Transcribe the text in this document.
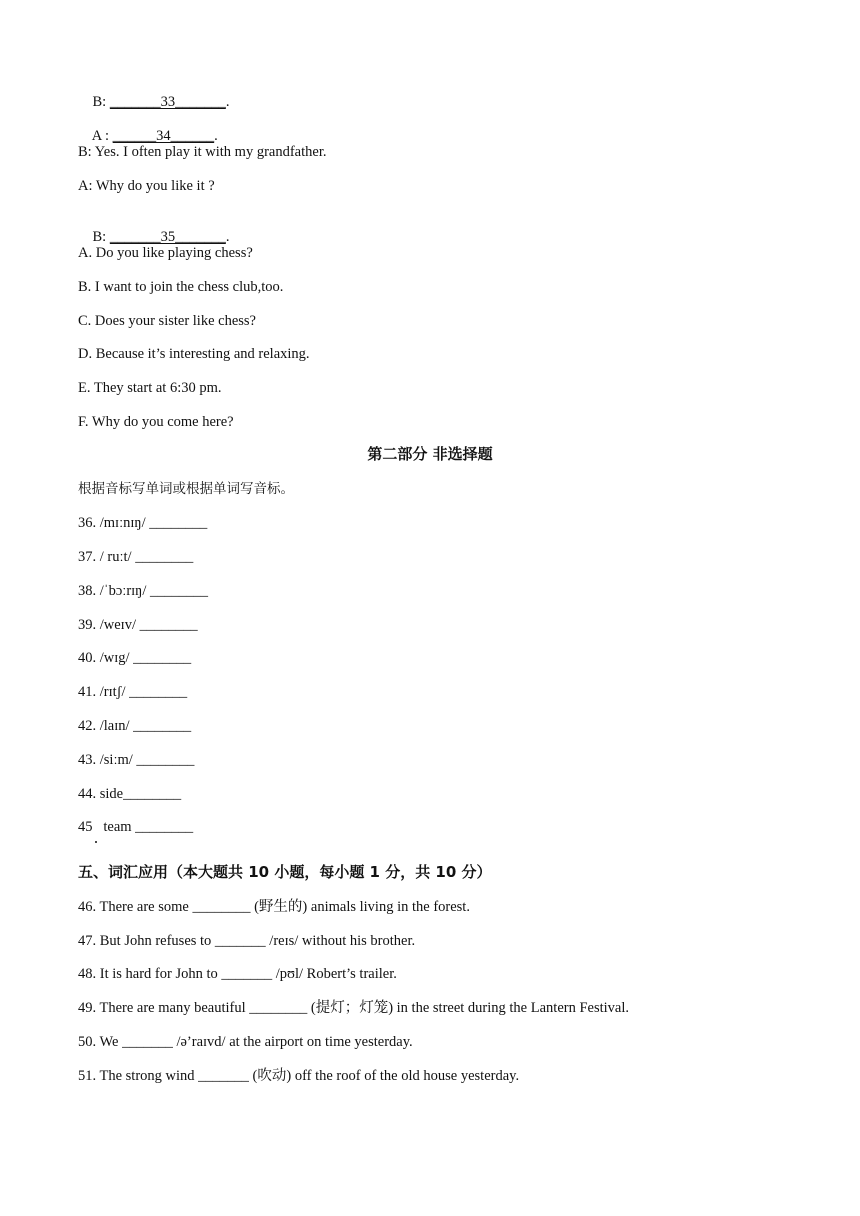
B: _______33_______.

A : ______34______.

B: Yes. I often play it with my grandfather.
A: Why do you like it ?

B: _______35_______.

A. Do you like playing chess?
B. I want to join the chess club,too.
C. Does your sister like chess?
D. Because it’s interesting and relaxing.
E. They start at 6:30 pm.
F. Why do you come here?
第二部分 非选择题
根据音标写单词或根据单词写音标。
36. /mɪːnɪŋ/ ________
37. / ruːt/ ________
38. /ˈbɔːrɪŋ/ ________
39. /weɪv/ ________
40. /wɪg/ ________
41. /rɪtʃ/ ________
42. /laɪn/ ________
43. /siːm/ ________
44. side________
45   team ________
五、词汇应用（本大题共 10 小题，每小题 1 分，共 10 分）
46. There are some ________ (野生的) animals living in the forest.
47. But John refuses to _______ /reɪs/ without his brother.
48. It is hard for John to _______ /pʊl/ Robert’s trailer.
49. There are many beautiful ________ (提灯；灯笼) in the street during the Lantern Festival.
50. We _______ /ə’raɪvd/ at the airport on time yesterday.
51. The strong wind _______ (吹动) off the roof of the old house yesterday.
